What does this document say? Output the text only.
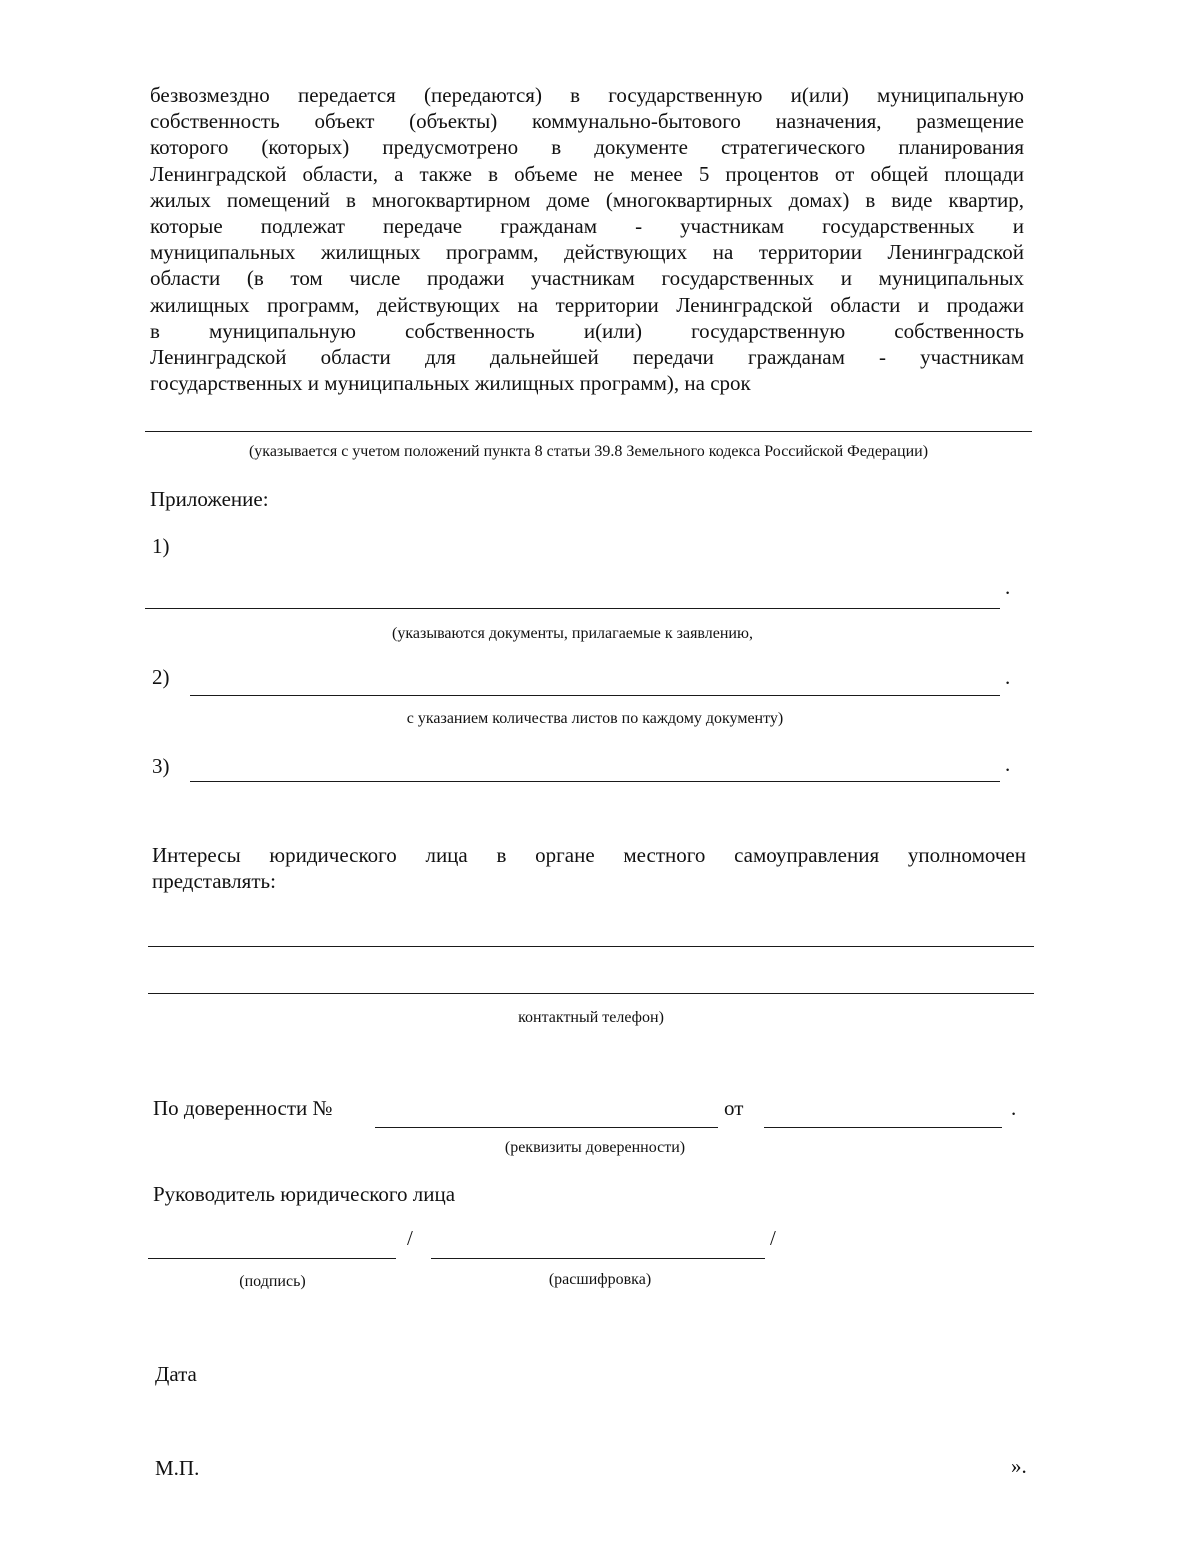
безвозмездно передается (передаются) в государственную и(или) муниципальную
собственность объект (объекты) коммунально-бытового назначения, размещение
которого (которых) предусмотрено в документе стратегического планирования
Ленинградской области, а также в объеме не менее 5 процентов от общей площади
жилых помещений в многоквартирном доме (многоквартирных домах) в виде квартир,
которые подлежат передаче гражданам - участникам государственных и
муниципальных жилищных программ, действующих на территории Ленинградской
области (в том числе продажи участникам государственных и муниципальных
жилищных программ, действующих на территории Ленинградской области и продажи
в муниципальную собственность и(или) государственную собственность
Ленинградской области для дальнейшей передачи гражданам - участникам
государственных и муниципальных жилищных программ), на срок
(указывается с учетом положений пункта 8 статьи 39.8 Земельного кодекса Российской Федерации)
Приложение:
1)
.
(указываются документы, прилагаемые к заявлению,
2)	.
с указанием количества листов по каждому документу)
3)	.
Интересы юридического лица в органе местного самоуправления уполномочен
представлять:
контактный телефон)
По доверенности №	от	.
(реквизиты доверенности)
Руководитель юридического лица
/	/
(подпись)	(расшифровка)
Дата
М.П.	».
